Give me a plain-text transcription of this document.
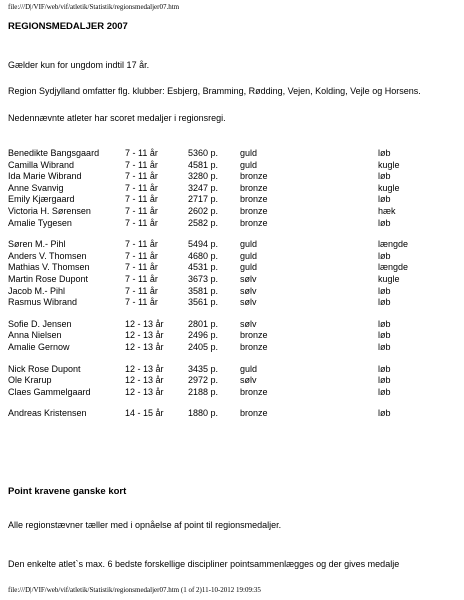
file:///D|/VIF/web/vif/atletik/Statistik/regionsmedaljer07.htm
REGIONSMEDALJER 2007
Gælder kun for ungdom indtil 17 år.
Region Sydjylland omfatter flg. klubber: Esbjerg, Bramming, Rødding, Vejen, Kolding, Vejle og Horsens.
Nedennævnte atleter har scoret medaljer i regionsregi.
Benedikte Bangsgaard	7 - 11 år	5360 p. guld	løb
Camilla Wibrand	7 - 11 år	4581 p. guld	kugle
Ida Marie Wibrand	7 - 11 år	3280 p. bronze	løb
Anne Svanvig	7 - 11 år	3247 p. bronze	kugle
Emily Kjærgaard	7 - 11 år	2717 p. bronze	løb
Victoria H. Sørensen	7 - 11 år	2602 p. bronze	hæk
Amalie Tygesen	7 - 11 år	2582 p. bronze	løb
Søren M.- Pihl	7 - 11 år	5494 p. guld	længde
Anders V. Thomsen	7 - 11 år	4680 p. guld	løb
Mathias V. Thomsen	7 - 11 år	4531 p. guld	længde
Martin Rose Dupont	7 - 11 år	3673 p. sølv	kugle
Jacob M.- Pihl	7 - 11 år	3581 p. sølv	løb
Rasmus Wibrand	7 - 11 år	3561 p. sølv	løb
Sofie D. Jensen	12 - 13 år	2801 p. sølv	løb
Anna Nielsen	12 - 13 år	2496 p. bronze	løb
Amalie Gernow	12 - 13 år	2405 p. bronze	løb
Nick Rose Dupont	12 - 13 år	3435 p. guld	løb
Ole Krarup	12 - 13 år	2972 p. sølv	løb
Claes Gammelgaard	12 - 13 år	2188 p. bronze	løb
Andreas Kristensen	14 - 15 år	1880 p. bronze	løb
Point kravene ganske kort
Alle regionstævner tæller med i opnåelse af point til regionsmedaljer.
Den enkelte atlet`s max. 6 bedste forskellige discipliner pointsammenlægges og der gives medalje
file:///D|/VIF/web/vif/atletik/Statistik/regionsmedaljer07.htm (1 of 2)11-10-2012 19:09:35
